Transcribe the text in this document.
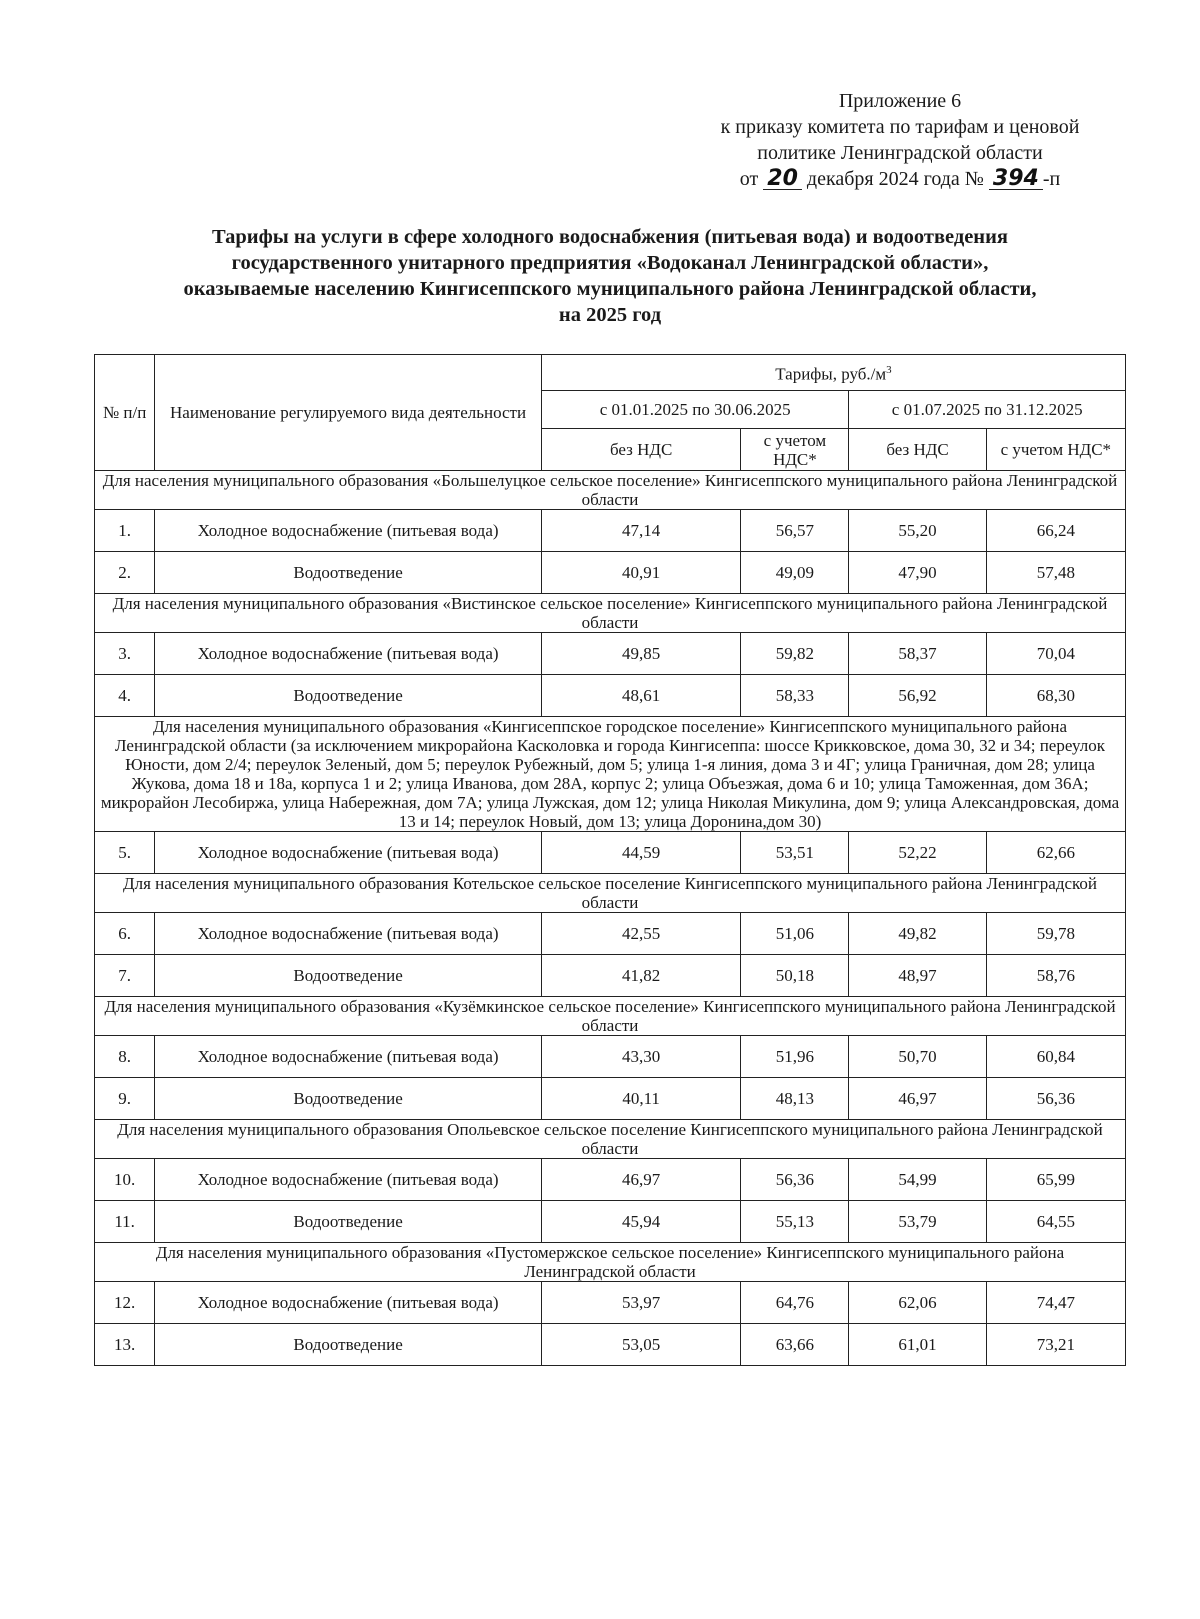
Приложение 6
к приказу комитета по тарифам и ценовой
политике Ленинградской области
от 20 декабря 2024 года № 394 -п
Тарифы на услуги в сфере холодного водоснабжения (питьевая вода) и водоотведения
государственного унитарного предприятия «Водоканал Ленинградской области»,
оказываемые населению Кингисеппского муниципального района Ленинградской области,
на 2025 год
№ п/п	Наименование регулируемого вида деятельности	Тарифы, $руб./м^3$
		с 01.01.2025 по 30.06.2025		с 01.07.2025 по 31.12.2025	
		без НДС	с учетом НДС*	без НДС	с учетом НДС*
Для населения муниципального образования «Большелуцкое сельское поселение» Кингисеппского муниципального района Ленинградской области					
1.	Холодное водоснабжение (питьевая вода)	47,14	56,57	55,20	66,24
2.	Водоотведение	40,91	49,09	47,90	57,48
Для населения муниципального образования «Вистинское сельское поселение» Кингисеппского муниципального района Ленинградской области					
3.	Холодное водоснабжение (питьевая вода)	49,85	59,82	58,37	70,04
4.	Водоотведение	48,61	58,33	56,92	68,30
Для населения муниципального образования «Кингисеппское городское поселение» Кингисеппского муниципального района Ленинградской области (за исключением микрорайона Касколовка и города Кингисеппа: шоссе Крикковское, дома 30, 32 и 34; переулок Юности, дом 2/4; переулок Зеленый, дом 5; переулок Рубежный, дом 5; улица 1-я линия, дома 3 и 4Г; улица Граничная, дом 28; улица Жукова, дома 18 и 18а, корпуса 1 и 2; улица Иванова, дом 28А, корпус 2; улица Объезжая, дома 6 и 10; улица Таможенная, дом 36А; микрорайон Лесобиржа, улица Набережная, дом 7А; улица Лужская, дом 12; улица Николая Микулина, дом 9; улица Александровская, дома 13 и 14; переулок Новый, дом 13; улица Доронина,дом 30)					
5.	Холодное водоснабжение (питьевая вода)	44,59	53,51	52,22	62,66
Для населения муниципального образования Котельское сельское поселение Кингисеппского муниципального района Ленинградской области					
6.	Холодное водоснабжение (питьевая вода)	42,55	51,06	49,82	59,78
7.	Водоотведение	41,82	50,18	48,97	58,76
Для населения муниципального образования «Кузёмкинское сельское поселение» Кингисеппского муниципального района Ленинградской области					
8.	Холодное водоснабжение (питьевая вода)	43,30	51,96	50,70	60,84
9.	Водоотведение	40,11	48,13	46,97	56,36
Для населения муниципального образования Опольевское сельское поселение Кингисеппского муниципального района Ленинградской области					
10.	Холодное водоснабжение (питьевая вода)	46,97	56,36	54,99	65,99
11.	Водоотведение	45,94	55,13	53,79	64,55
Для населения муниципального образования «Пустомержское сельское поселение» Кингисеппского муниципального района Ленинградской области					
12.	Холодное водоснабжение (питьевая вода)	53,97	64,76	62,06	74,47
13.	Водоотведение	53,05	63,66	61,01	73,21
